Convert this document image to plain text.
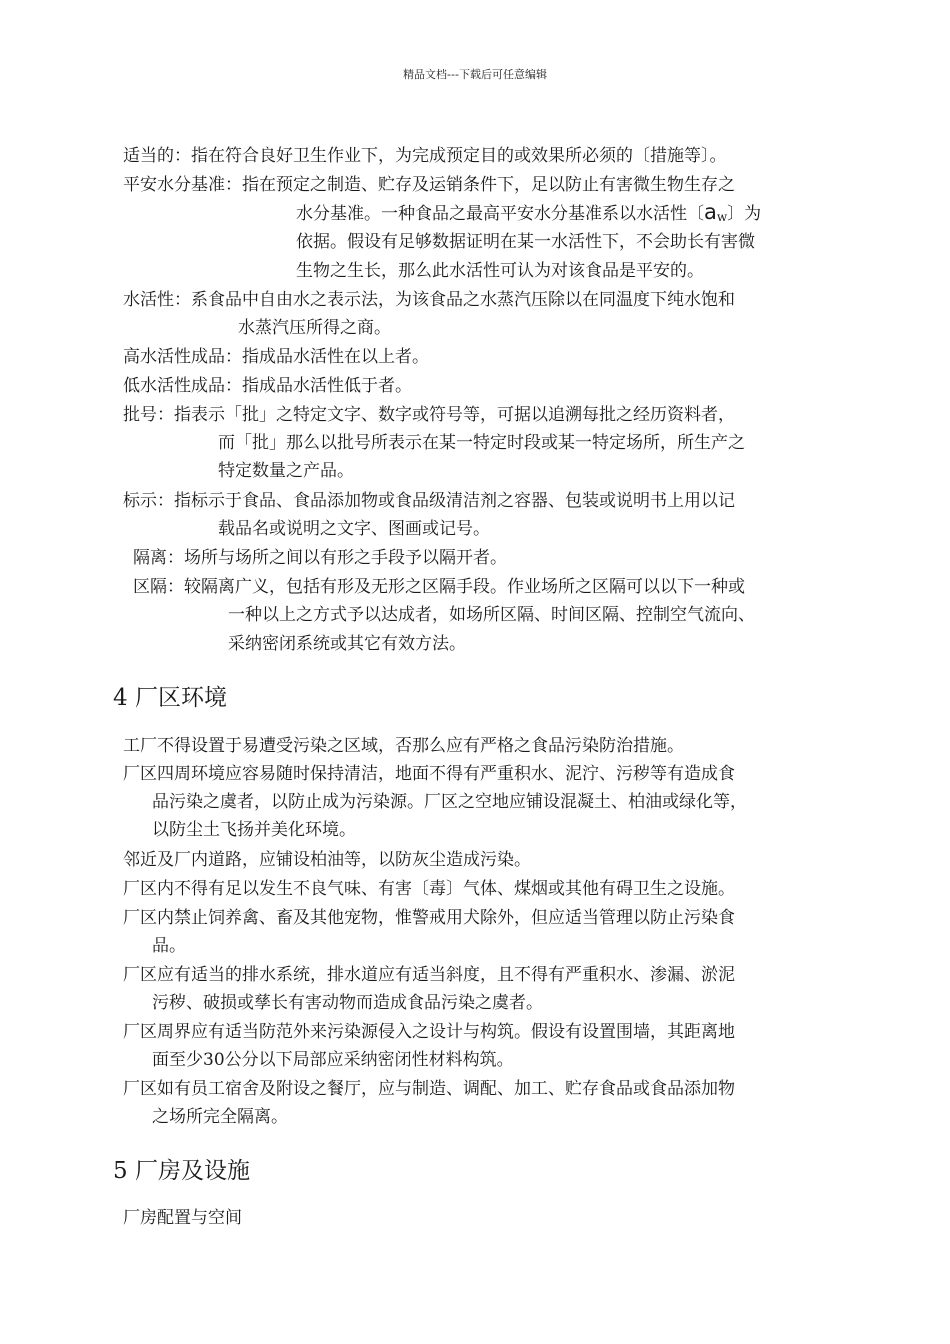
精品文档---下载后可任意编辑
适当的：指在符合良好卫生作业下，为完成预定目的或效果所必须的〔措施等〕。
平安水分基准：指在预定之制造、贮存及运销条件下，足以防止有害微生物生存之
水分基准。一种食品之最高平安水分基准系以水活性〔$a_w$〕为
依据。假设有足够数据证明在某一水活性下，不会助长有害微
生物之生长，那么此水活性可认为对该食品是平安的。
水活性：系食品中自由水之表示法，为该食品之水蒸汽压除以在同温度下纯水饱和
水蒸汽压所得之商。
高水活性成品：指成品水活性在以上者。
低水活性成品：指成品水活性低于者。
批号：指表示「批」之特定文字、数字或符号等，可据以追溯每批之经历资料者，
而「批」那么以批号所表示在某一特定时段或某一特定场所，所生产之
特定数量之产品。
标示：指标示于食品、食品添加物或食品级清洁剂之容器、包装或说明书上用以记
载品名或说明之文字、图画或记号。
隔离：场所与场所之间以有形之手段予以隔开者。
区隔：较隔离广义，包括有形及无形之区隔手段。作业场所之区隔可以以下一种或
一种以上之方式予以达成者，如场所区隔、时间区隔、控制空气流向、
采纳密闭系统或其它有效方法。
4 厂区环境
工厂不得设置于易遭受污染之区域，否那么应有严格之食品污染防治措施。
厂区四周环境应容易随时保持清洁，地面不得有严重积水、泥泞、污秽等有造成食
品污染之虞者，以防止成为污染源。厂区之空地应铺设混凝土、柏油或绿化等，
以防尘土飞扬并美化环境。
邻近及厂内道路，应铺设柏油等，以防灰尘造成污染。
厂区内不得有足以发生不良气味、有害〔毒〕气体、煤烟或其他有碍卫生之设施。
厂区内禁止饲养禽、畜及其他宠物，惟警戒用犬除外，但应适当管理以防止污染食
品。
厂区应有适当的排水系统，排水道应有适当斜度，且不得有严重积水、渗漏、淤泥
污秽、破损或孳长有害动物而造成食品污染之虞者。
厂区周界应有适当防范外来污染源侵入之设计与构筑。假设有设置围墙，其距离地
面至少30公分以下局部应采纳密闭性材料构筑。
厂区如有员工宿舍及附设之餐厅，应与制造、调配、加工、贮存食品或食品添加物
之场所完全隔离。
5 厂房及设施
厂房配置与空间
